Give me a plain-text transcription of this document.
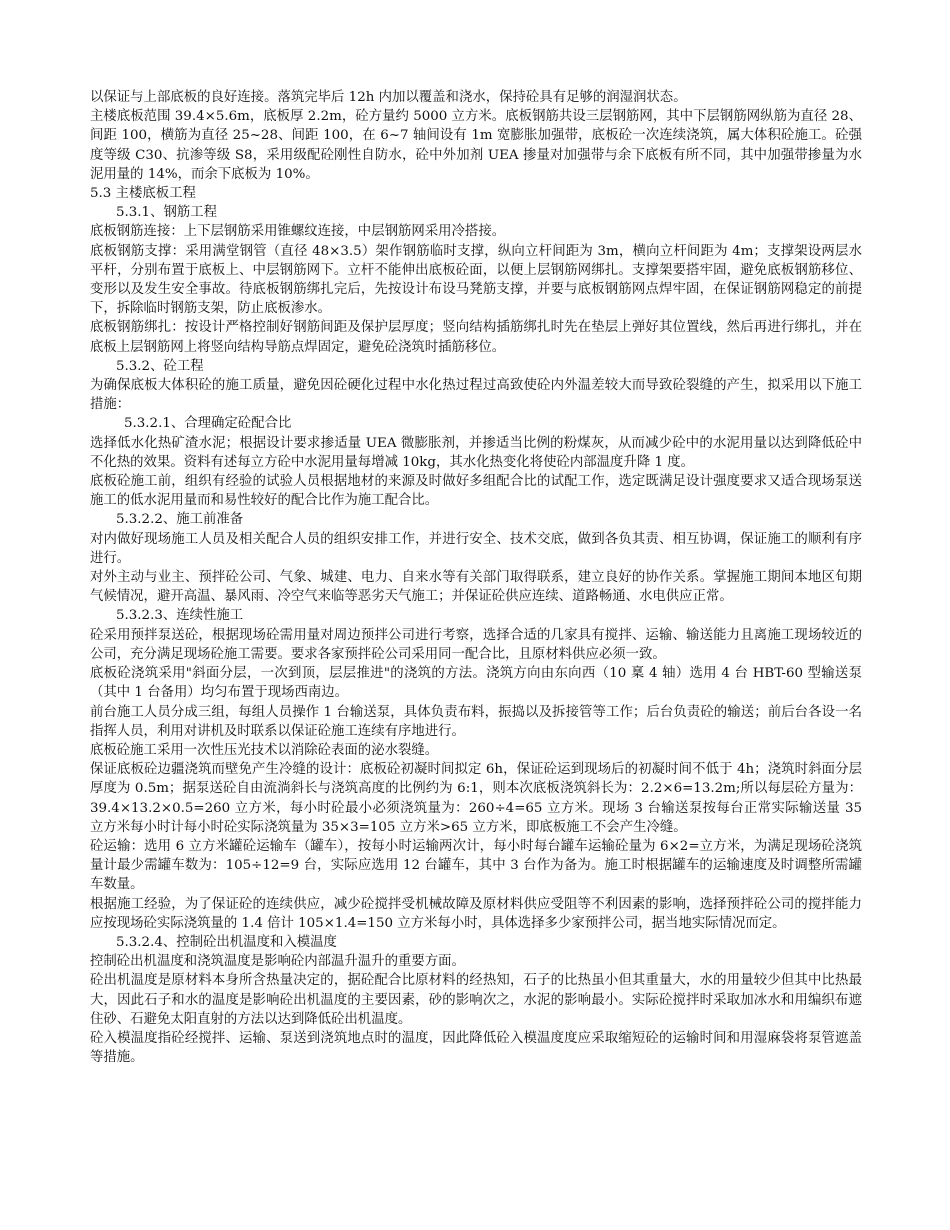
以保证与上部底板的良好连接。落筑完毕后 12h 内加以覆盖和浇水，保持砼具有足够的润湿润状态。

主楼底板范围 39.4×5.6m，底板厚 2.2m，砼方量约 5000 立方米。底板钢筋共设三层钢筋网，其中下层钢筋网纵筋为直径 28、间距 100，横筋为直径 25~28、间距 100，在 6~7 轴间设有 1m 宽膨胀加强带，底板砼一次连续浇筑，属大体积砼施工。砼强度等级 C30、抗渗等级 S8，采用级配砼刚性自防水，砼中外加剂 UEA 掺量对加强带与余下底板有所不同，其中加强带掺量为水泥用量的 14%，而余下底板为 10%。

5.3 主楼底板工程

5.3.1、钢筋工程

底板钢筋连接：上下层钢筋采用锥螺纹连接，中层钢筋网采用冷搭接。

底板钢筋支撑：采用满堂钢管（直径 48×3.5）架作钢筋临时支撑，纵向立杆间距为 3m，横向立杆间距为 4m；支撑架设两层水平杆，分别布置于底板上、中层钢筋网下。立杆不能伸出底板砼面，以便上层钢筋网绑扎。支撑架要搭牢固，避免底板钢筋移位、变形以及发生安全事故。待底板钢筋绑扎完后，先按设计布设马凳筋支撑，并要与底板钢筋网点焊牢固，在保证钢筋网稳定的前提下，拆除临时钢筋支架，防止底板渗水。

底板钢筋绑扎：按设计严格控制好钢筋间距及保护层厚度；竖向结构插筋绑扎时先在垫层上弹好其位置线，然后再进行绑扎，并在底板上层钢筋网上将竖向结构导筋点焊固定，避免砼浇筑时插筋移位。

5.3.2、砼工程

为确保底板大体积砼的施工质量，避免因砼硬化过程中水化热过程过高致使砼内外温差较大而导致砼裂缝的产生，拟采用以下施工措施：

5.3.2.1、合理确定砼配合比

选择低水化热矿渣水泥；根据设计要求掺适量 UEA 微膨胀剂，并掺适当比例的粉煤灰，从而减少砼中的水泥用量以达到降低砼中不化热的效果。资料有述每立方砼中水泥用量每增减 10kg，其水化热变化将使砼内部温度升降 1 度。

底板砼施工前，组织有经验的试验人员根据地材的来源及时做好多组配合比的试配工作，选定既满足设计强度要求又适合现场泵送施工的低水泥用量而和易性较好的配合比作为施工配合比。

5.3.2.2、施工前准备

对内做好现场施工人员及相关配合人员的组织安排工作，并进行安全、技术交底，做到各负其责、相互协调，保证施工的顺利有序进行。

对外主动与业主、预拌砼公司、气象、城建、电力、自来水等有关部门取得联系，建立良好的协作关系。掌握施工期间本地区旬期气候情况，避开高温、暴风雨、冷空气来临等恶劣天气施工；并保证砼供应连续、道路畅通、水电供应正常。

5.3.2.3、连续性施工

砼采用预拌泵送砼，根据现场砼需用量对周边预拌公司进行考察，选择合适的几家具有搅拌、运输、输送能力且离施工现场较近的公司，充分满足现场砼施工需要。要求各家预拌砼公司采用同一配合比，且原材料供应必须一致。

底板砼浇筑采用"斜面分层，一次到顶，层层推进"的浇筑的方法。浇筑方向由东向西（10 稟 4 轴）选用 4 台 HBT-60 型输送泵（其中 1 台备用）均匀布置于现场西南边。

前台施工人员分成三组，每组人员操作 1 台输送泵，具体负责布料，振捣以及拆接管等工作；后台负责砼的输送；前后台各设一名指挥人员，利用对讲机及时联系以保证砼施工连续有序地进行。

底板砼施工采用一次性压光技术以消除砼表面的泌水裂缝。

保证底板砼边疆浇筑而壁免产生冷缝的设计：底板砼初凝时间拟定 6h，保证砼运到现场后的初凝时间不低于 4h；浇筑时斜面分层厚度为 0.5m；据泵送砼自由流淌斜长与浇筑高度的比例约为 6:1，则本次底板浇筑斜长为：2.2×6=13.2m;所以每层砼方量为：39.4×13.2×0.5=260 立方米，每小时砼最小必须浇筑量为：260÷4=65 立方米。现场 3 台输送泵按每台正常实际输送量 35 立方米每小时计每小时砼实际浇筑量为 35×3=105 立方米>65 立方米，即底板施工不会产生冷缝。

砼运输：选用 6 立方米罐砼运输车（罐车），按每小时运输两次计，每小时每台罐车运输砼量为 6×2=立方米，为满足现场砼浇筑量计最少需罐车数为：105÷12=9 台，实际应选用 12 台罐车，其中 3 台作为备为。施工时根据罐车的运输速度及时调整所需罐车数量。

根据施工经验，为了保证砼的连续供应，减少砼搅拌受机械故障及原材料供应受阻等不利因素的影响，选择预拌砼公司的搅拌能力应按现场砼实际浇筑量的 1.4 倍计 105×1.4=150 立方米每小时，具体选择多少家预拌公司，据当地实际情况而定。

5.3.2.4、控制砼出机温度和入模温度

控制砼出机温度和浇筑温度是影响砼内部温升温升的重要方面。

砼出机温度是原材料本身所含热量决定的，据砼配合比原材料的经热知，石子的比热虽小但其重量大，水的用量较少但其中比热最大，因此石子和水的温度是影响砼出机温度的主要因素，砂的影响次之，水泥的影响最小。实际砼搅拌时采取加冰水和用编织布遮住砂、石避免太阳直射的方法以达到降低砼出机温度。

砼入模温度指砼经搅拌、运输、泵送到浇筑地点时的温度，因此降低砼入模温度度应采取缩短砼的运输时间和用湿麻袋将泵管遮盖等措施。
